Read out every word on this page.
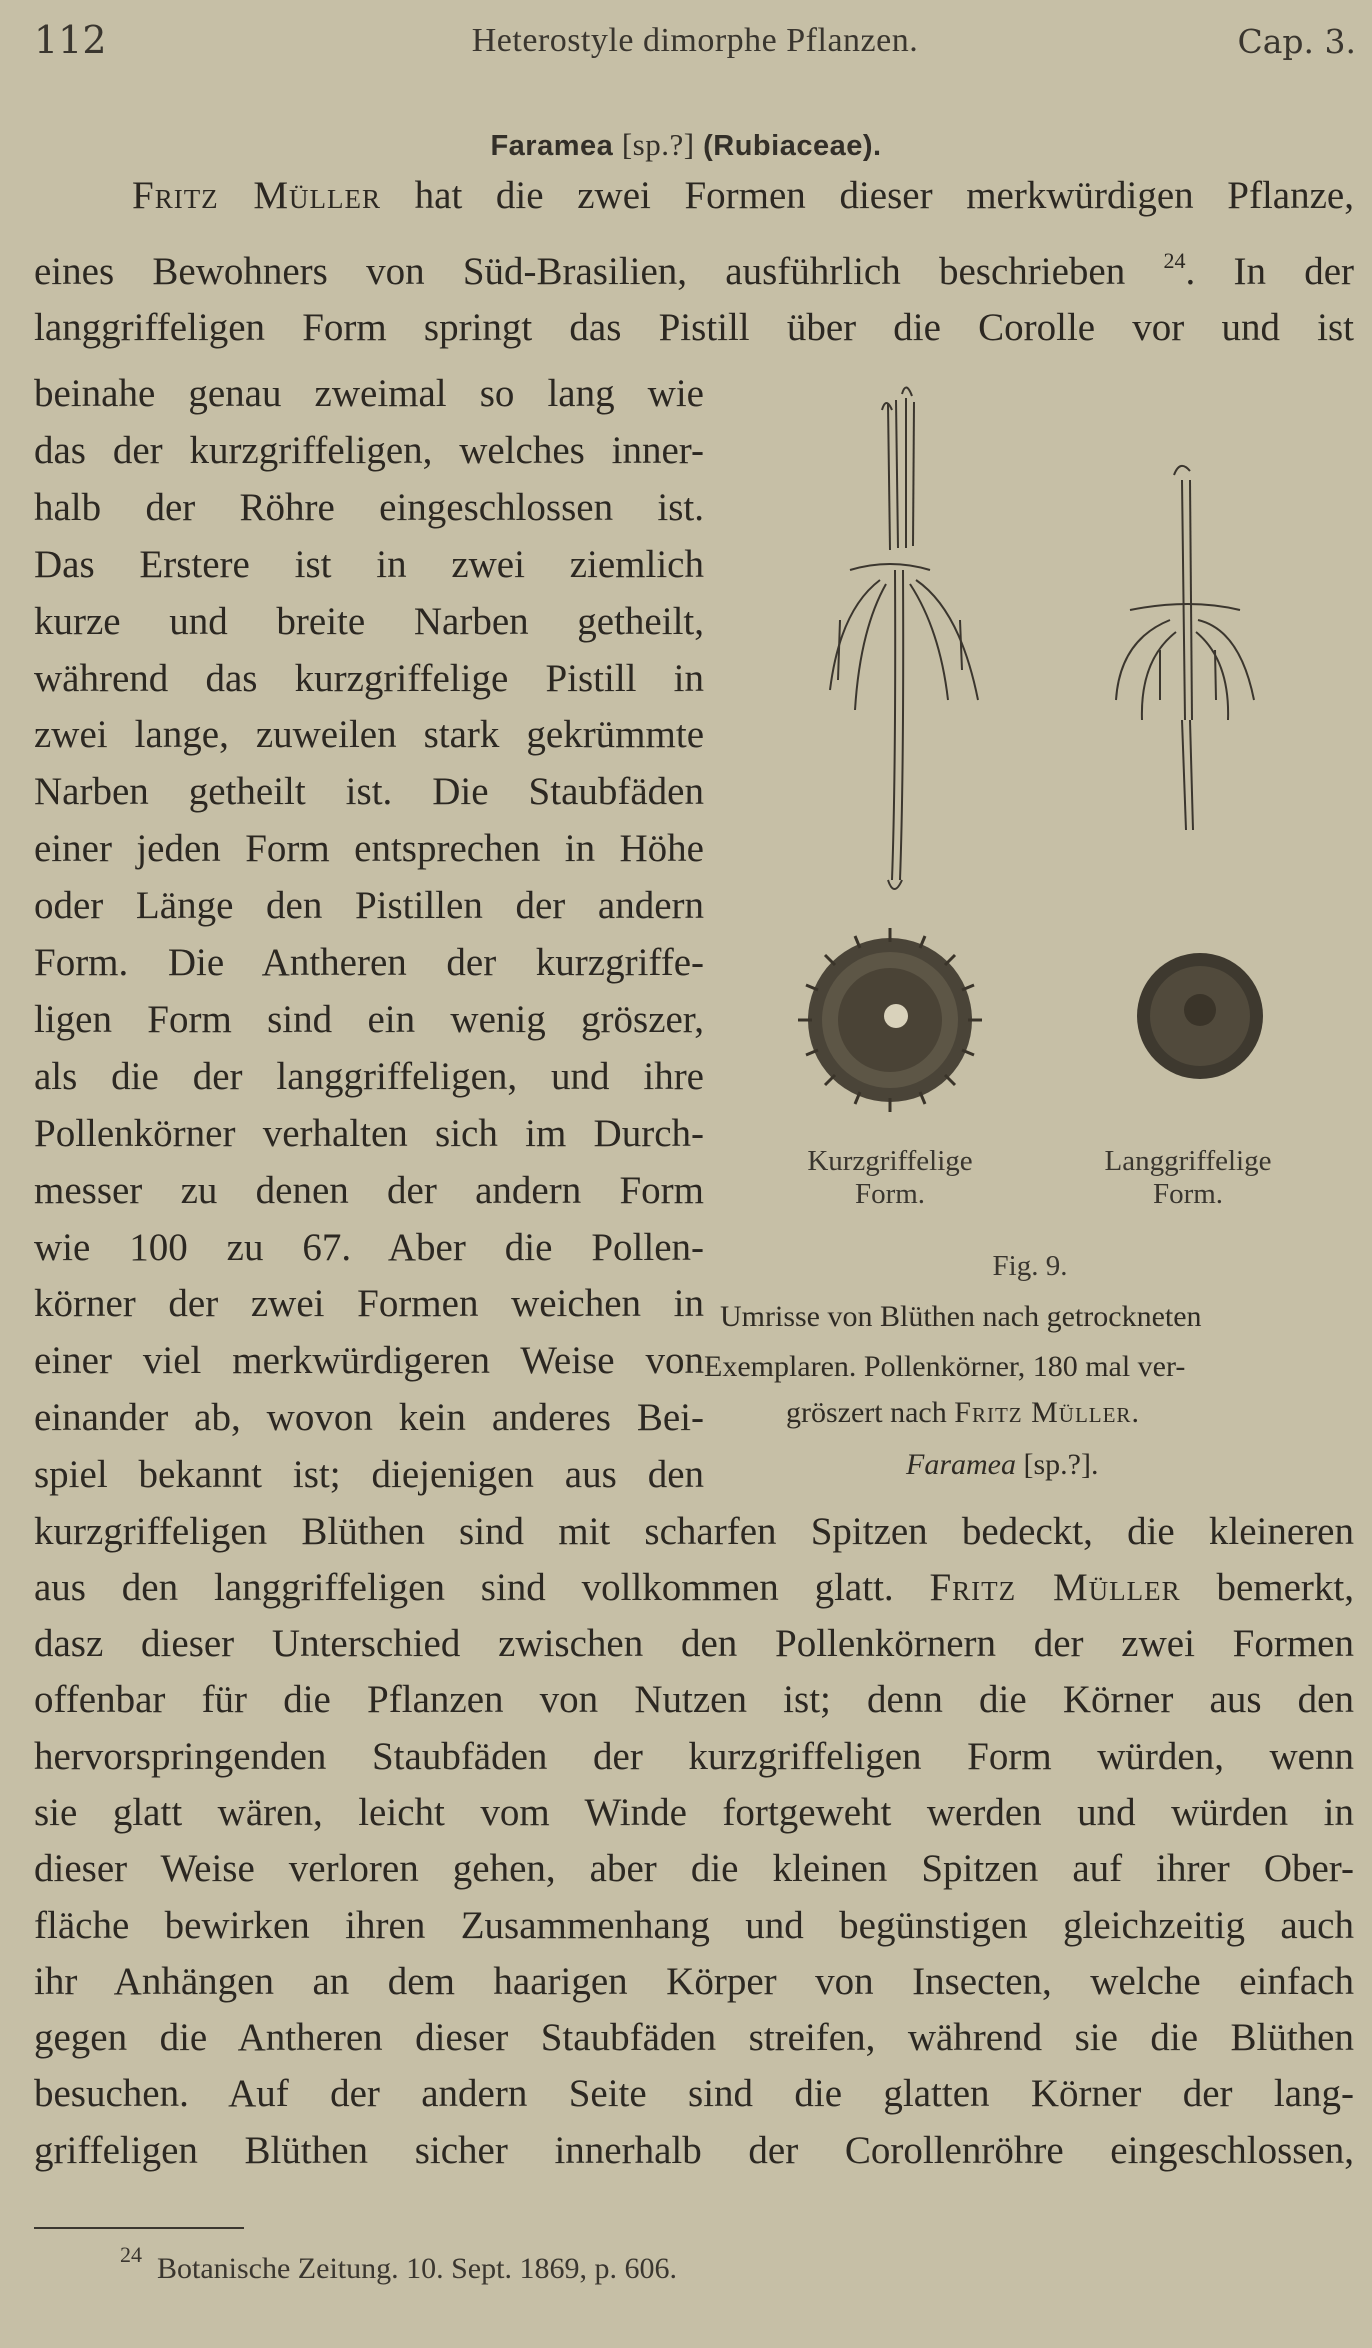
112	Heterostyle dimorphe Pflanzen.	Cap. 3.
Faramea [sp.?] (Rubiaceae).
Fritz Müller hat die zwei Formen dieser merkwürdigen Pflanze,
eines Bewohners von Süd-Brasilien, ausführlich beschrieben $^{24}$. In der
langgriffeligen Form springt das Pistill über die Corolle vor und ist
beinahe genau zweimal so lang wie
das der kurzgriffeligen, welches inner-
halb der Röhre eingeschlossen ist.
Das Erstere ist in zwei ziemlich
kurze und breite Narben getheilt,
während das kurzgriffelige Pistill in
zwei lange, zuweilen stark gekrümmte
Narben getheilt ist. Die Staubfäden
einer jeden Form entsprechen in Höhe
oder Länge den Pistillen der andern
Form. Die Antheren der kurzgriffe-
ligen Form sind ein wenig gröszer,
als die der langgriffeligen, und ihre
Pollenkörner verhalten sich im Durch-
messer zu denen der andern Form
wie 100 zu 67. Aber die Pollen-
körner der zwei Formen weichen in
einer viel merkwürdigeren Weise von
einander ab, wovon kein anderes Bei-
spiel bekannt ist; diejenigen aus den
Kurzgriffelige
Form.
Langgriffelige
Form.
Fig. 9.
Umrisse von Blüthen nach getrockneten
Exemplaren. Pollenkörner, 180 mal ver-
gröszert nach Fritz Müller.
Faramea [sp.?].
kurzgriffeligen Blüthen sind mit scharfen Spitzen bedeckt, die kleineren
aus den langgriffeligen sind vollkommen glatt. Fritz Müller bemerkt,
dasz dieser Unterschied zwischen den Pollenkörnern der zwei Formen
offenbar für die Pflanzen von Nutzen ist; denn die Körner aus den
hervorspringenden Staubfäden der kurzgriffeligen Form würden, wenn
sie glatt wären, leicht vom Winde fortgeweht werden und würden in
dieser Weise verloren gehen, aber die kleinen Spitzen auf ihrer Ober-
fläche bewirken ihren Zusammenhang und begünstigen gleichzeitig auch
ihr Anhängen an dem haarigen Körper von Insecten, welche einfach
gegen die Antheren dieser Staubfäden streifen, während sie die Blüthen
besuchen. Auf der andern Seite sind die glatten Körner der lang-
griffeligen Blüthen sicher innerhalb der Corollenröhre eingeschlossen,
$^{24}$ Botanische Zeitung. 10. Sept. 1869, p. 606.
